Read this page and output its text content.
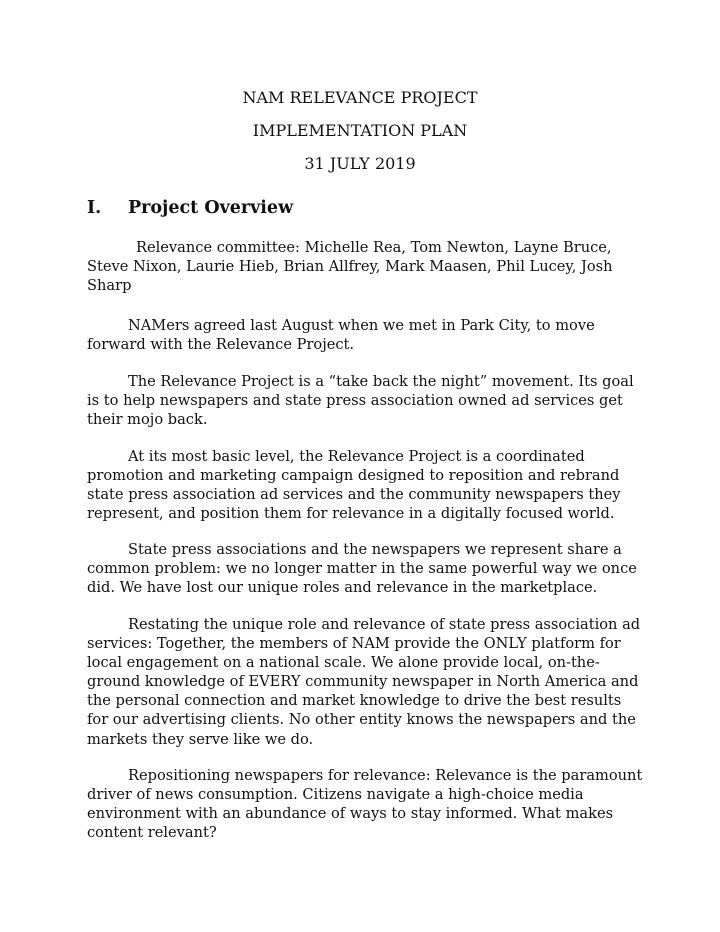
NAM RELEVANCE PROJECT
IMPLEMENTATION PLAN
31 JULY 2019
I. Project Overview

Relevance committee: Michelle Rea, Tom Newton, Layne Bruce, Steve Nixon, Laurie Hieb, Brian Allfrey, Mark Maasen, Phil Lucey, Josh Sharp

NAMers agreed last August when we met in Park City, to move forward with the Relevance Project.

The Relevance Project is a “take back the night” movement. Its goal is to help newspapers and state press association owned ad services get their mojo back.

At its most basic level, the Relevance Project is a coordinated promotion and marketing campaign designed to reposition and rebrand state press association ad services and the community newspapers they represent, and position them for relevance in a digitally focused world.

State press associations and the newspapers we represent share a common problem: we no longer matter in the same powerful way we once did. We have lost our unique roles and relevance in the marketplace.

Restating the unique role and relevance of state press association ad services: Together, the members of NAM provide the ONLY platform for local engagement on a national scale. We alone provide local, on-the-ground knowledge of EVERY community newspaper in North America and the personal connection and market knowledge to drive the best results for our advertising clients. No other entity knows the newspapers and the markets they serve like we do.

Repositioning newspapers for relevance: Relevance is the paramount driver of news consumption. Citizens navigate a high-choice media environment with an abundance of ways to stay informed. What makes content relevant?
